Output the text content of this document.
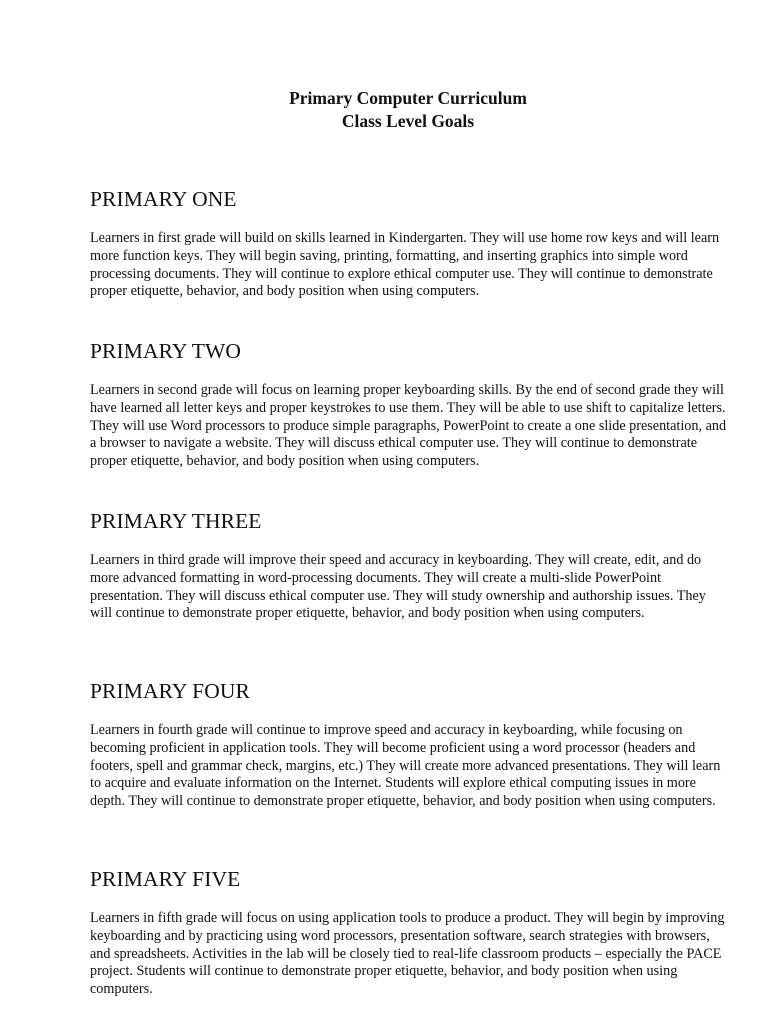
Primary Computer Curriculum
Class Level Goals
PRIMARY ONE

Learners in first grade will build on skills learned in Kindergarten. They will use home row keys and will learn more function keys. They will begin saving, printing, formatting, and inserting graphics into simple word processing documents. They will continue to explore ethical computer use. They will continue to demonstrate proper etiquette, behavior, and body position when using computers.

PRIMARY TWO

Learners in second grade will focus on learning proper keyboarding skills. By the end of second grade they will have learned all letter keys and proper keystrokes to use them. They will be able to use shift to capitalize letters. They will use Word processors to produce simple paragraphs, PowerPoint to create a one slide presentation, and a browser to navigate a website. They will discuss ethical computer use. They will continue to demonstrate proper etiquette, behavior, and body position when using computers.

PRIMARY THREE

Learners in third grade will improve their speed and accuracy in keyboarding. They will create, edit, and do more advanced formatting in word-processing documents. They will create a multi-slide PowerPoint presentation. They will discuss ethical computer use. They will study ownership and authorship issues. They will continue to demonstrate proper etiquette, behavior, and body position when using computers.

PRIMARY FOUR

Learners in fourth grade will continue to improve speed and accuracy in keyboarding, while focusing on becoming proficient in application tools. They will become proficient using a word processor (headers and footers, spell and grammar check, margins, etc.) They will create more advanced presentations. They will learn to acquire and evaluate information on the Internet. Students will explore ethical computing issues in more depth. They will continue to demonstrate proper etiquette, behavior, and body position when using computers.

PRIMARY FIVE

Learners in fifth grade will focus on using application tools to produce a product. They will begin by improving keyboarding and by practicing using word processors, presentation software, search strategies with browsers, and spreadsheets. Activities in the lab will be closely tied to real-life classroom products – especially the PACE project. Students will continue to demonstrate proper etiquette, behavior, and body position when using computers.
